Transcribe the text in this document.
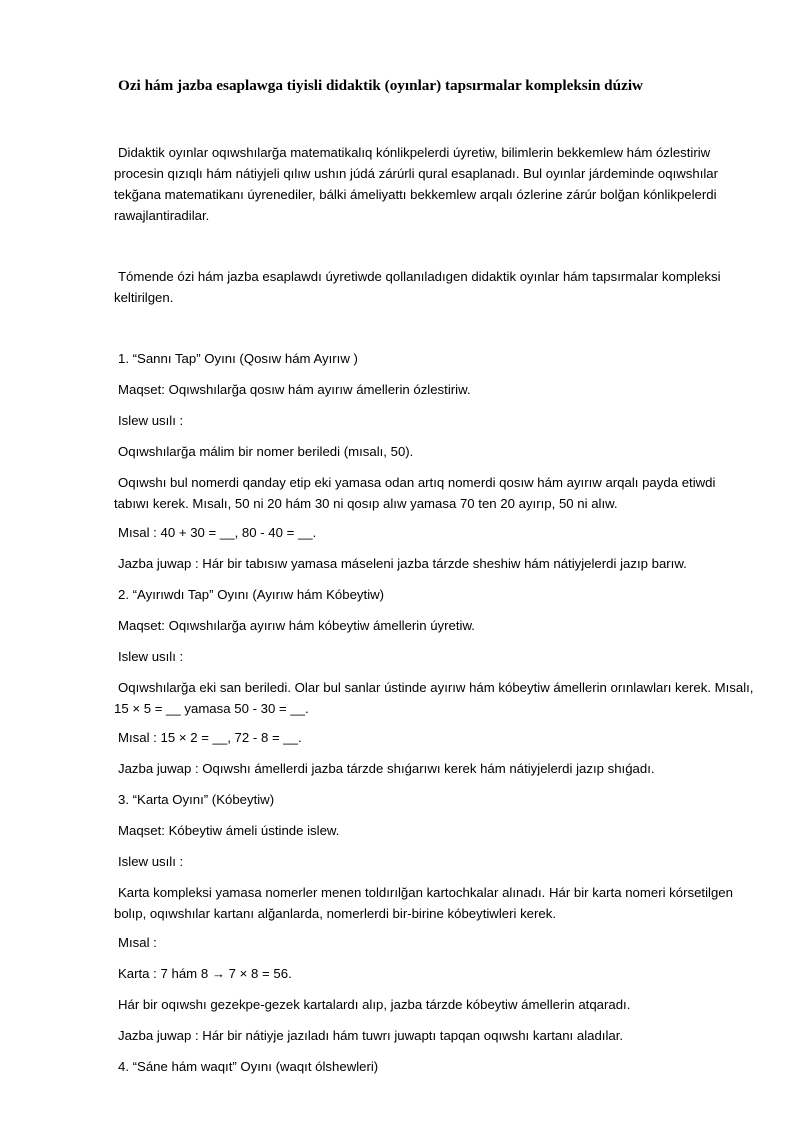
Ozi hám jazba esaplawga tiyisli didaktik (oyınlar) tapsırmalar kompleksin dúziw

Didaktik oyınlar oqıwshılarğa matematikalıq kónlikpelerdi úyretiw, bilimlerin bekkemlew hám ózlestiriw procesin qızıqlı hám nátiyjeli qılıw ushın júdá zárúrli qural esaplanadı. Bul oyınlar járdeminde oqıwshılar tekğana matematikanı úyrenediler, bálki ámeliyattı bekkemlew arqalı ózlerine zárúr bolğan kónlikpelerdi rawajlantiradilar.

Tómende ózi hám jazba esaplawdı úyretiwde qollanıladıgen didaktik oyınlar hám tapsırmalar kompleksi keltirilgen.

1. “Sannı Tap” Oyını (Qosıw hám Ayırıw )

Maqset: Oqıwshılarğa qosıw hám ayırıw ámellerin ózlestiriw.

Islew usılı :

Oqıwshılarğa málim bir nomer beriledi (mısalı, 50).

Oqıwshı bul nomerdi qanday etip eki yamasa odan artıq nomerdi qosıw hám ayırıw arqalı payda etiwdi tabıwı kerek. Mısalı, 50 ni 20 hám 30 ni qosıp alıw yamasa 70 ten 20 ayırıp, 50 ni alıw.

Mısal : 40 + 30 = __, 80 - 40 = __.

Jazba juwap : Hár bir tabısıw yamasa máseleni jazba tárzde sheshiw hám nátiyjelerdi jazıp barıw.

2. “Ayırıwdı Tap” Oyını (Ayırıw hám Kóbeytiw)

Maqset: Oqıwshılarğa ayırıw hám kóbeytiw ámellerin úyretiw.

Islew usılı :

Oqıwshılarğa eki san beriledi. Olar bul sanlar ústinde ayırıw hám kóbeytiw ámellerin orınlawları kerek. Mısalı, 15 × 5 = __ yamasa 50 - 30 = __.

Mısal : 15 × 2 = __, 72 - 8 = __.

Jazba juwap : Oqıwshı ámellerdi jazba tárzde shıǵarıwı kerek hám nátiyjelerdi jazıp shıǵadı.

3. “Karta Oyını” (Kóbeytiw)

Maqset: Kóbeytiw ámeli ústinde islew.

Islew usılı :

Karta kompleksi yamasa nomerler menen toldırılğan kartochkalar alınadı. Hár bir karta nomeri kórsetilgen bolıp, oqıwshılar kartanı alğanlarda, nomerlerdi bir-birine kóbeytiwleri kerek.

Mısal :

Karta : 7 hám 8 → 7 × 8 = 56.

Hár bir oqıwshı gezekpe-gezek kartalardı alıp, jazba tárzde kóbeytiw ámellerin atqaradı.

Jazba juwap : Hár bir nátiyje jazıladı hám tuwrı juwaptı tapqan oqıwshı kartanı aladılar.

4. “Sáne hám waqıt” Oyını (waqıt ólshewleri)
